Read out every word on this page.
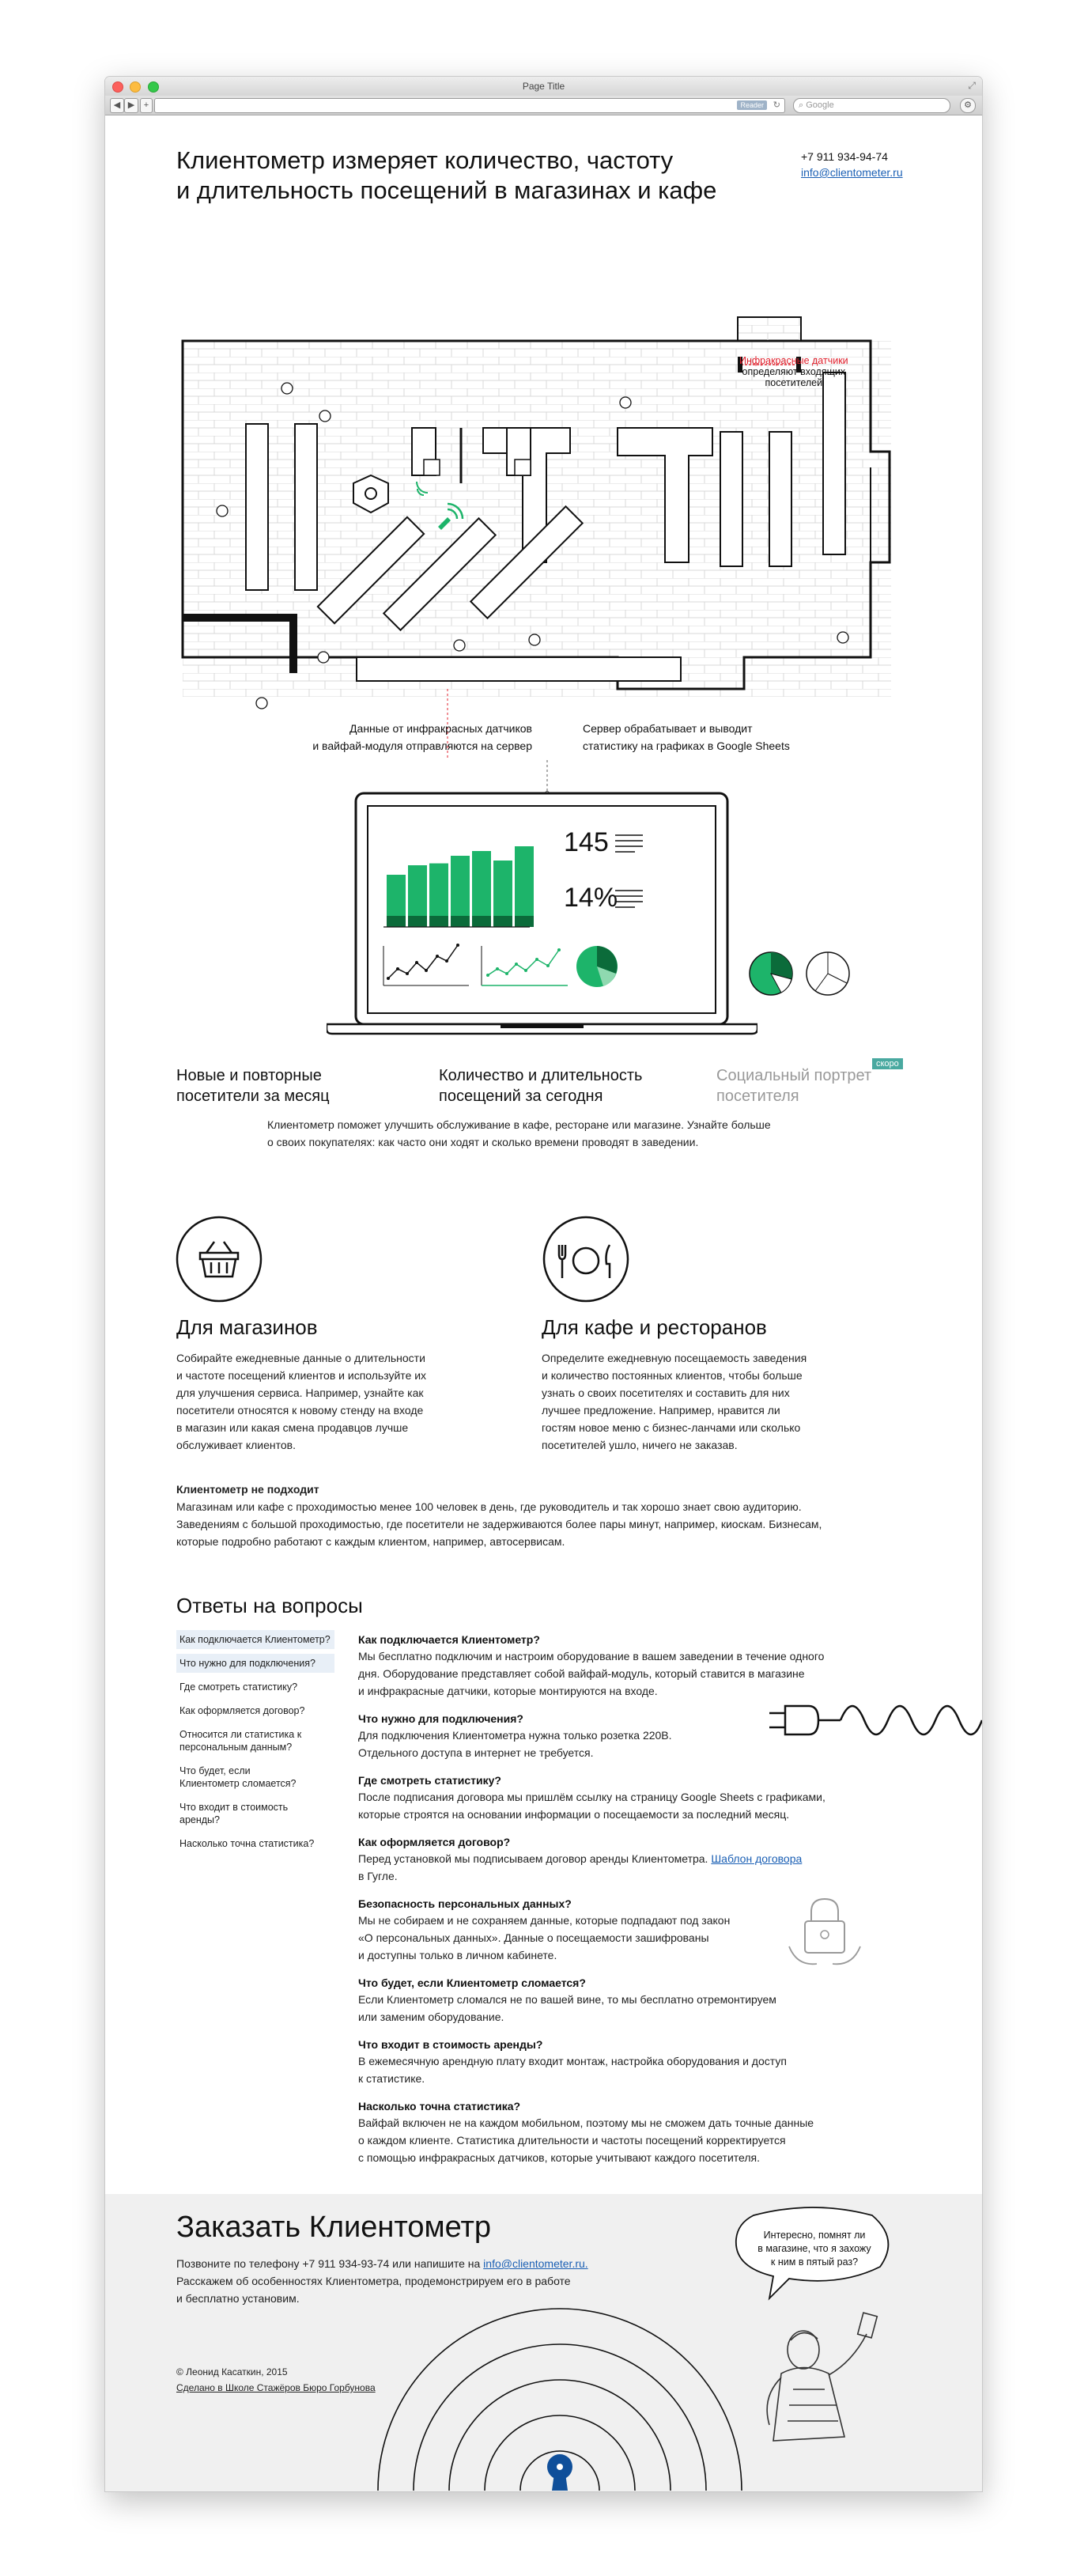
Page Title	⤢
◀ ▶	+	Reader	↻	⌕ Google	⚙
Клиентометр измеряет количество, частоту
и длительность посещений в магазинах и кафе
+7 911 934-94-74
info@clientometer.ru
Инфракрасные датчики
определяют входящих
посетителей
Данные от инфракрасных датчиков
и вайфай-модуля отправляются на сервер
Сервер обрабатывает и выводит
статистику на графиках в Google Sheets
145
14%
Новые и повторные
посетители за месяц
Количество и длительность
посещений за сегодня
Социальный портрет
посетителя
скоро
Клиентометр поможет улучшить обслуживание в кафе, ресторане или магазине. Узнайте больше
о своих покупателях: как часто они ходят и сколько времени проводят в заведении.
Для магазинов
Собирайте ежедневные данные о длительности
и частоте посещений клиентов и используйте их
для улучшения сервиса. Например, узнайте как
посетители относятся к новому стенду на входе
в магазин или какая смена продавцов лучше
обслуживает клиентов.
Для кафе и ресторанов
Определите ежедневную посещаемость заведения
и количество постоянных клиентов, чтобы больше
узнать о своих посетителях и составить для них
лучшее предложение. Например, нравится ли
гостям новое меню с бизнес-ланчами или сколько
посетителей ушло, ничего не заказав.
Клиентометр не подходит
Магазинам или кафе с проходимостью менее 100 человек в день, где руководитель и так хорошо знает свою аудиторию.
Заведениям с большой проходимостью, где посетители не задерживаются более пары минут, например, киоскам. Бизнесам,
которые подробно работают с каждым клиентом, например, автосервисам.
Ответы на вопросы
Как подключается Клиентометр?
Что нужно для подключения?
Где смотреть статистику?
Как оформляется договор?
Относится ли статистика к персональным данным?
Что будет, если Клиентометр сломается?
Что входит в стоимость аренды?
Насколько точна статистика?
Как подключается Клиентометр?
Мы бесплатно подключим и настроим оборудование в вашем заведении в течение одного
дня. Оборудование представляет собой вайфай-модуль, который ставится в магазине
и инфракрасные датчики, которые монтируются на входе.
Что нужно для подключения?
Для подключения Клиентометра нужна только розетка 220В.
Отдельного доступа в интернет не требуется.
Где смотреть статистику?
После подписания договора мы пришлём ссылку на страницу Google Sheets с графиками,
которые строятся на основании информации о посещаемости за последний месяц.
Как оформляется договор?
Перед установкой мы подписываем договор аренды Клиентометра. Шаблон договора
в Гугле.
Безопасность персональных данных?
Мы не собираем и не сохраняем данные, которые подпадают под закон
«О персональных данных». Данные о посещаемости зашифрованы
и доступны только в личном кабинете.
Что будет, если Клиентометр сломается?
Если Клиентометр сломался не по вашей вине, то мы бесплатно отремонтируем
или заменим оборудование.
Что входит в стоимость аренды?
В ежемесячную арендную плату входит монтаж, настройка оборудования и доступ
к статистике.
Насколько точна статистика?
Вайфай включен не на каждом мобильном, поэтому мы не сможем дать точные данные
о каждом клиенте. Статистика длительности и частоты посещений корректируется
с помощью инфракрасных датчиков, которые учитывают каждого посетителя.
Заказать Клиентометр
Позвоните по телефону +7 911 934-93-74 или напишите на info@clientometer.ru.
Расскажем об особенностях Клиентометра, продемонстрируем его в работе
и бесплатно установим.
Интересно, помнят ли
в магазине, что я захожу
к ним в пятый раз?
© Леонид Касаткин, 2015
Сделано в Школе Стажёров Бюро Горбунова
